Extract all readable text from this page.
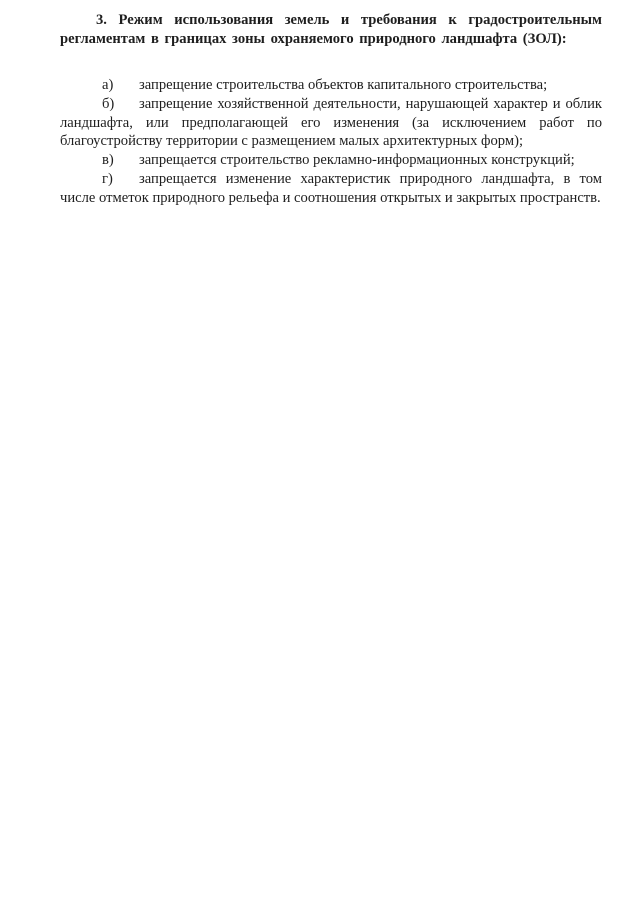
3. Режим использования земель и требования к градостроительным регламентам в границах зоны охраняемого природного ландшафта (ЗОЛ):

а) запрещение строительства объектов капитального строительства;

б) запрещение хозяйственной деятельности, нарушающей характер и облик ландшафта, или предполагающей его изменения (за исключением работ по благоустройству территории с размещением малых архитектурных форм);

в) запрещается строительство рекламно-информационных конструкций;

г) запрещается изменение характеристик природного ландшафта, в том числе отметок природного рельефа и соотношения открытых и закрытых пространств.
